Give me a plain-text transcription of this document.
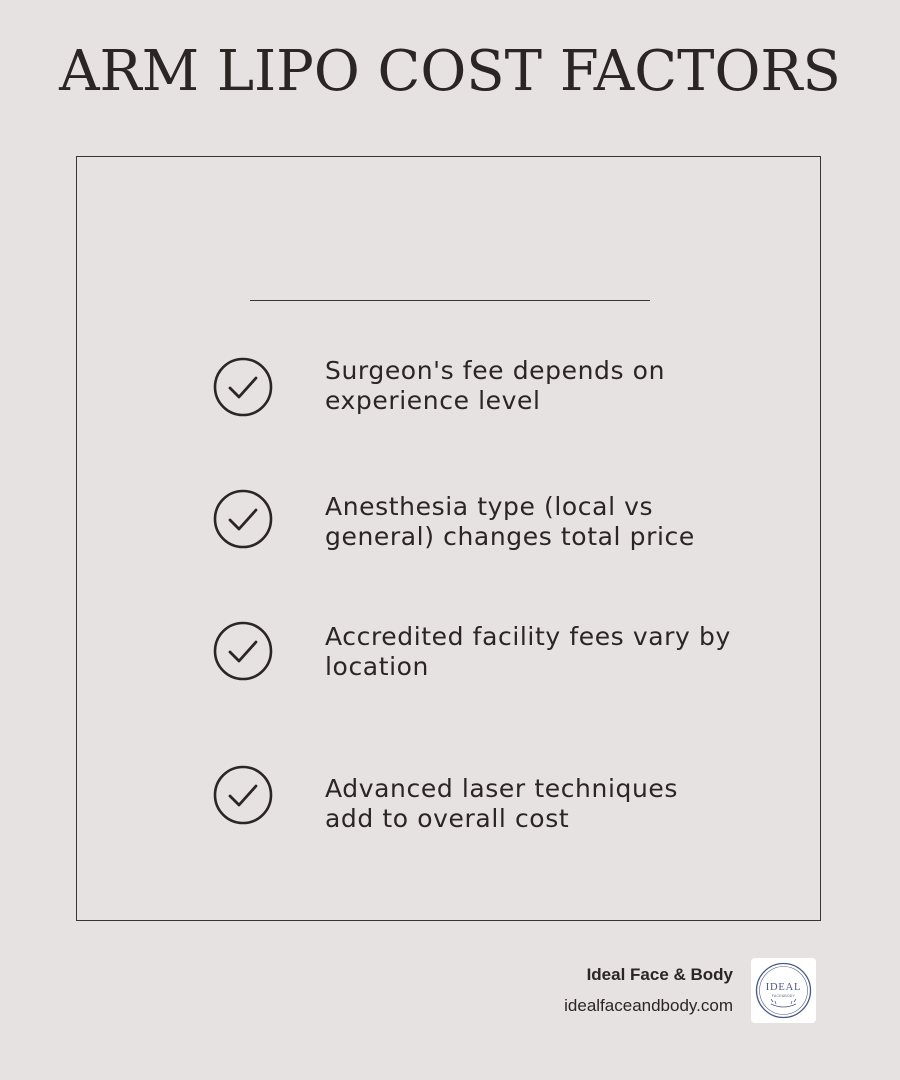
ARM LIPO COST FACTORS
Surgeon's fee depends on experience level
Anesthesia type (local vs general) changes total price
Accredited facility fees vary by location
Advanced laser techniques add to overall cost
Ideal Face & Body
idealfaceandbody.com
IDEAL
FACE&BODY
